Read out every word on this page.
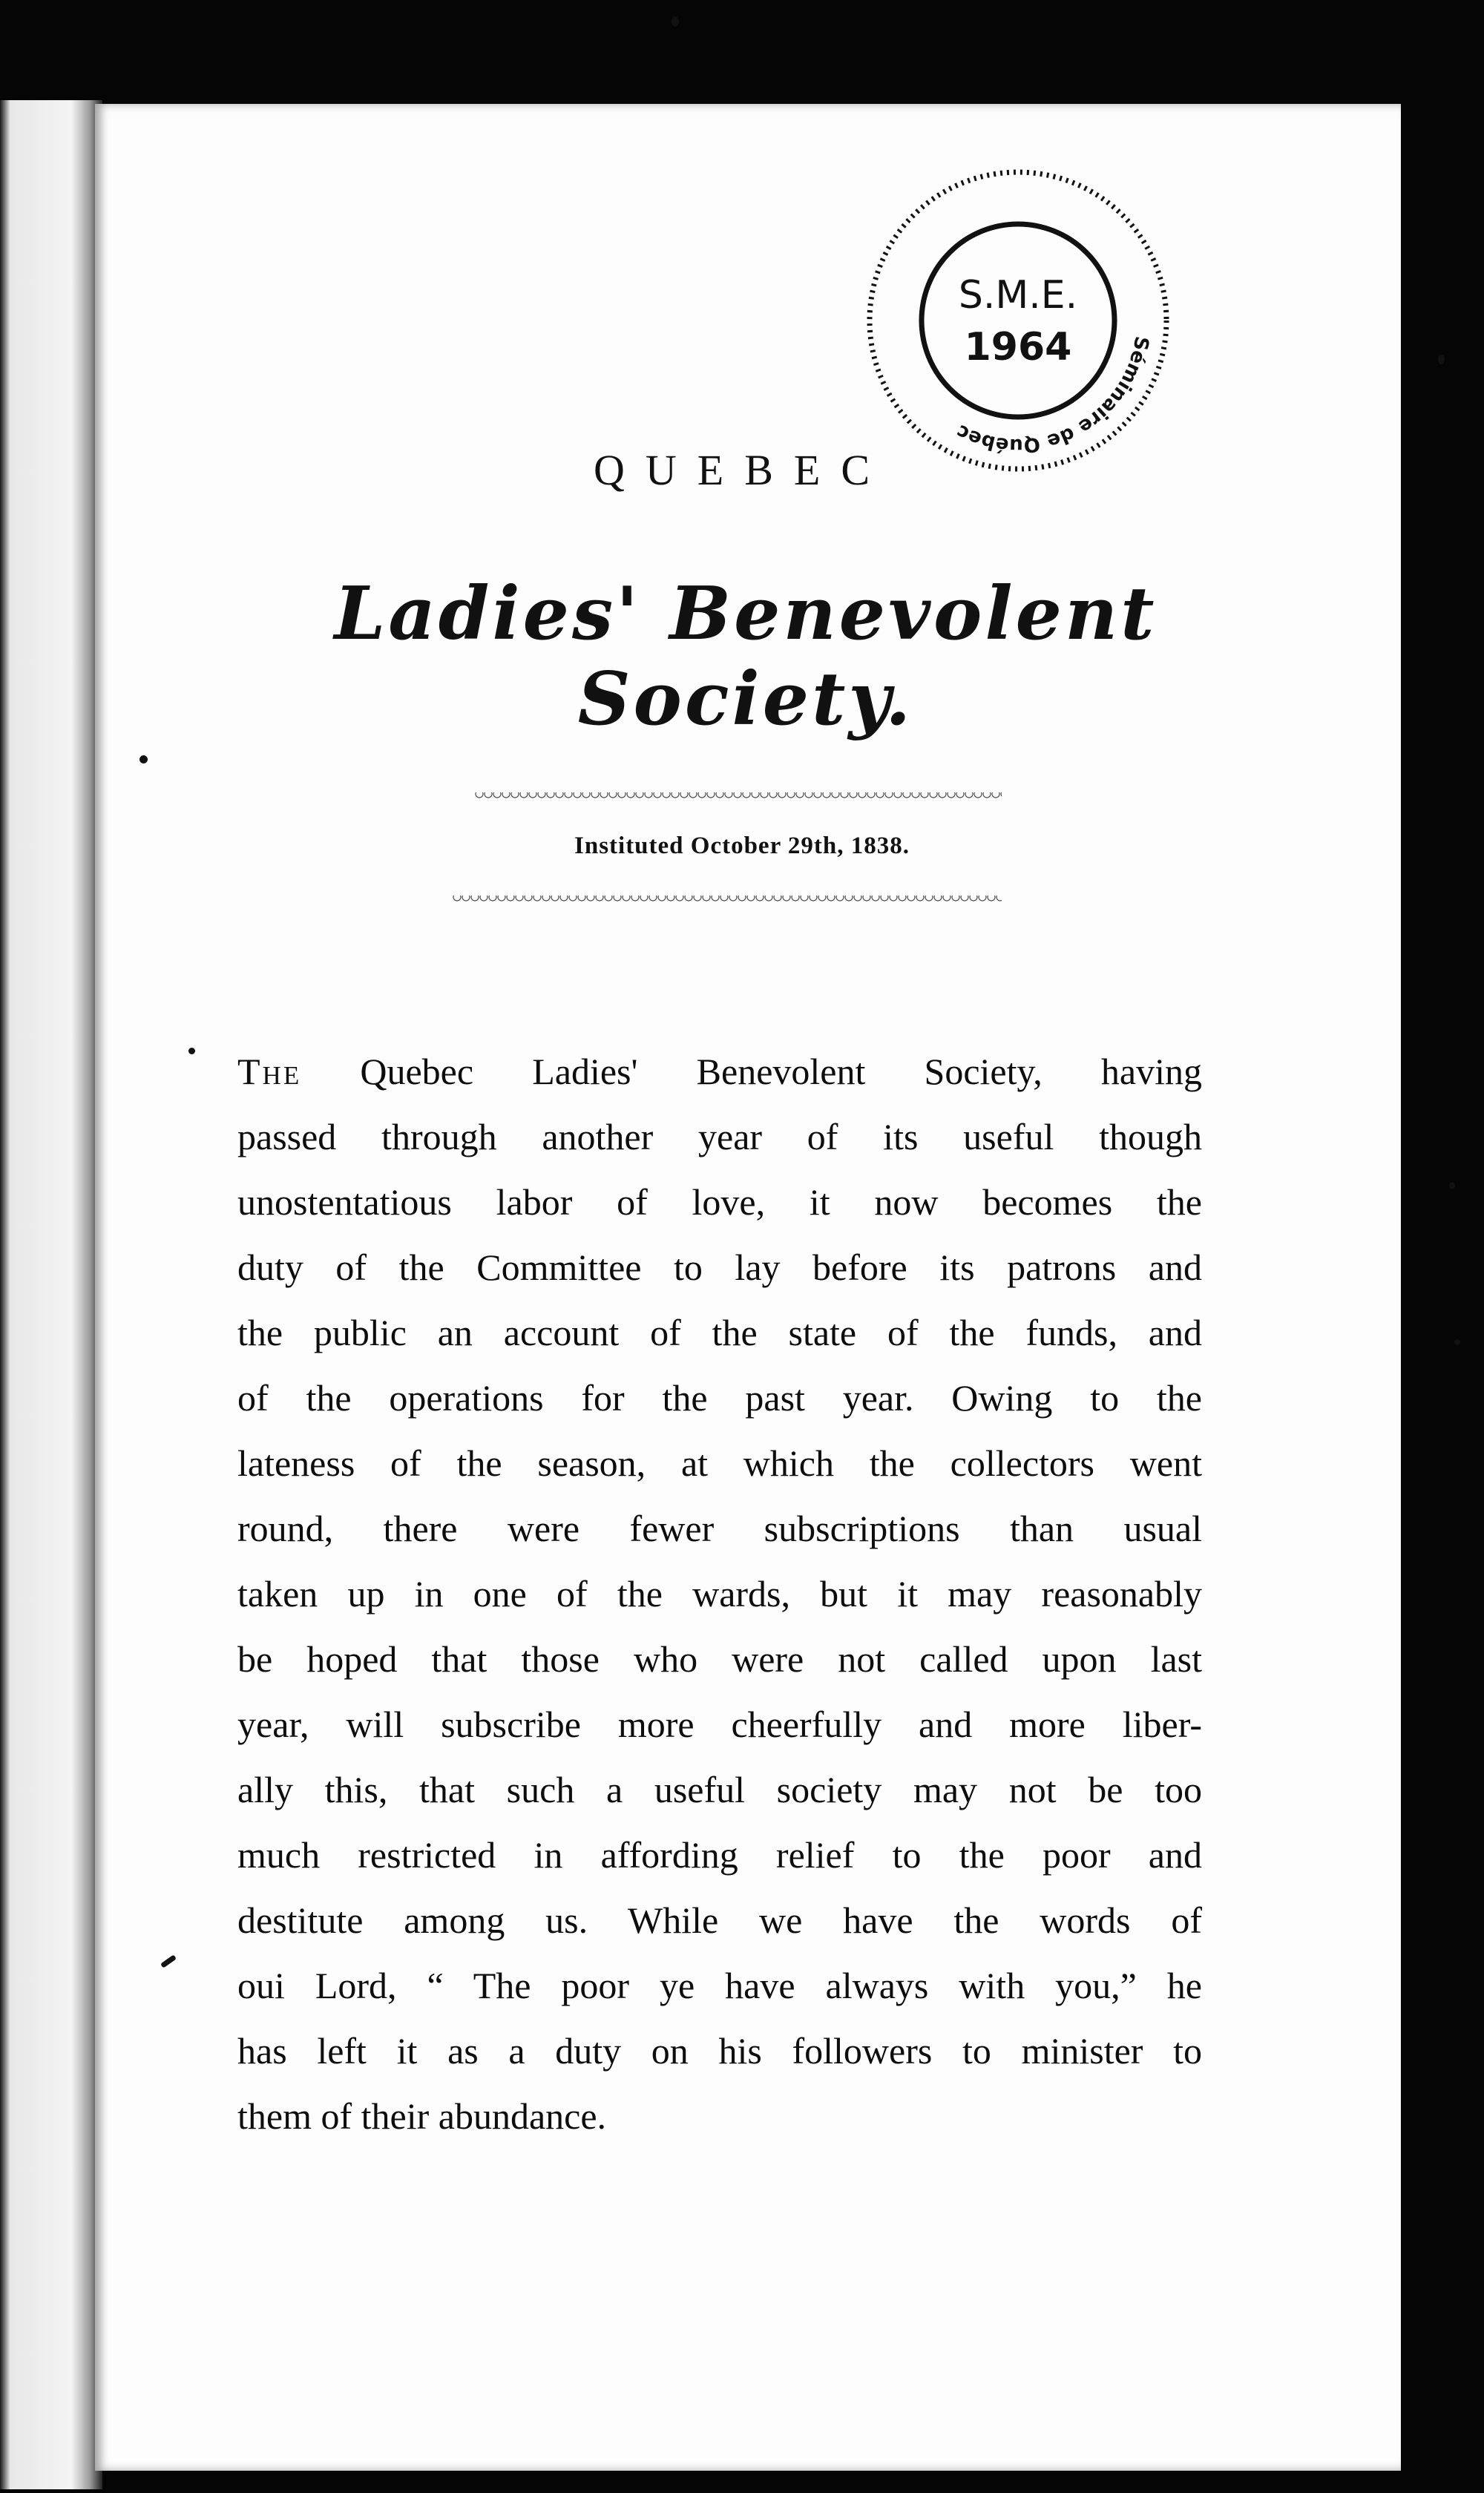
Séminaire de Québec
S.M.E.
1964
QUEBEC
Ladies' Benevolent Society.
Instituted October 29th, 1838.
The Quebec Ladies' Benevolent Society, having
passed through another year of its useful though
unostentatious labor of love, it now becomes the
duty of the Committee to lay before its patrons and
the public an account of the state of the funds, and
of the operations for the past year. Owing to the
lateness of the season, at which the collectors went
round, there were fewer subscriptions than usual
taken up in one of the wards, but it may reasonably
be hoped that those who were not called upon last
year, will subscribe more cheerfully and more liber-
ally this, that such a useful society may not be too
much restricted in affording relief to the poor and
destitute among us. While we have the words of
oui Lord, “ The poor ye have always with you,” he
has left it as a duty on his followers to minister to
them of their abundance.
